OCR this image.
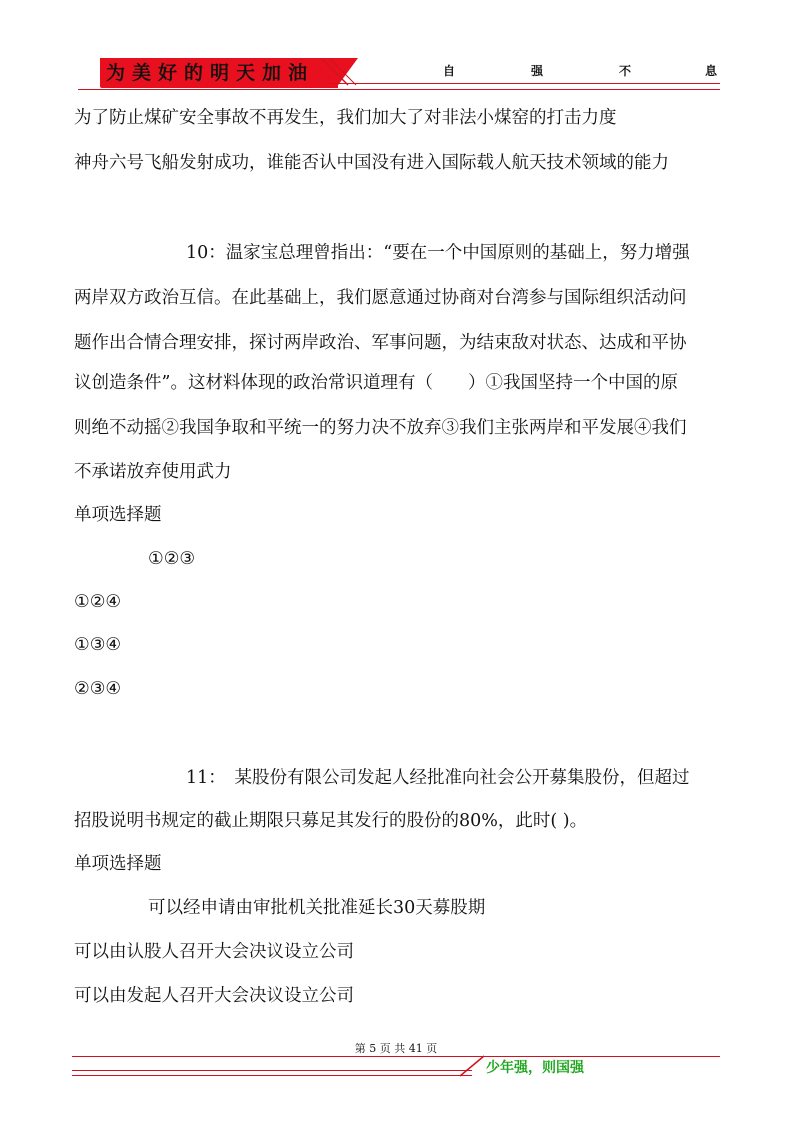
为美好的明天加油	自	强	不	息
为了防止煤矿安全事故不再发生，我们加大了对非法小煤窑的打击力度
神舟六号飞船发射成功，谁能否认中国没有进入国际载人航天技术领域的能力
10：温家宝总理曾指出：“要在一个中国原则的基础上，努力增强
两岸双方政治互信。在此基础上，我们愿意通过协商对台湾参与国际组织活动问
题作出合情合理安排，探讨两岸政治、军事问题，为结束敌对状态、达成和平协
议创造条件”。这材料体现的政治常识道理有（　　）①我国坚持一个中国的原
则绝不动摇②我国争取和平统一的努力决不放弃③我们主张两岸和平发展④我们
不承诺放弃使用武力
单项选择题
①②③
①②④
①③④
②③④
11：　某股份有限公司发起人经批准向社会公开募集股份，但超过
招股说明书规定的截止期限只募足其发行的股份的80%，此时( )。
单项选择题
可以经申请由审批机关批准延长30天募股期
可以由认股人召开大会决议设立公司
可以由发起人召开大会决议设立公司
第 5 页 共 41 页
少年强，则国强
